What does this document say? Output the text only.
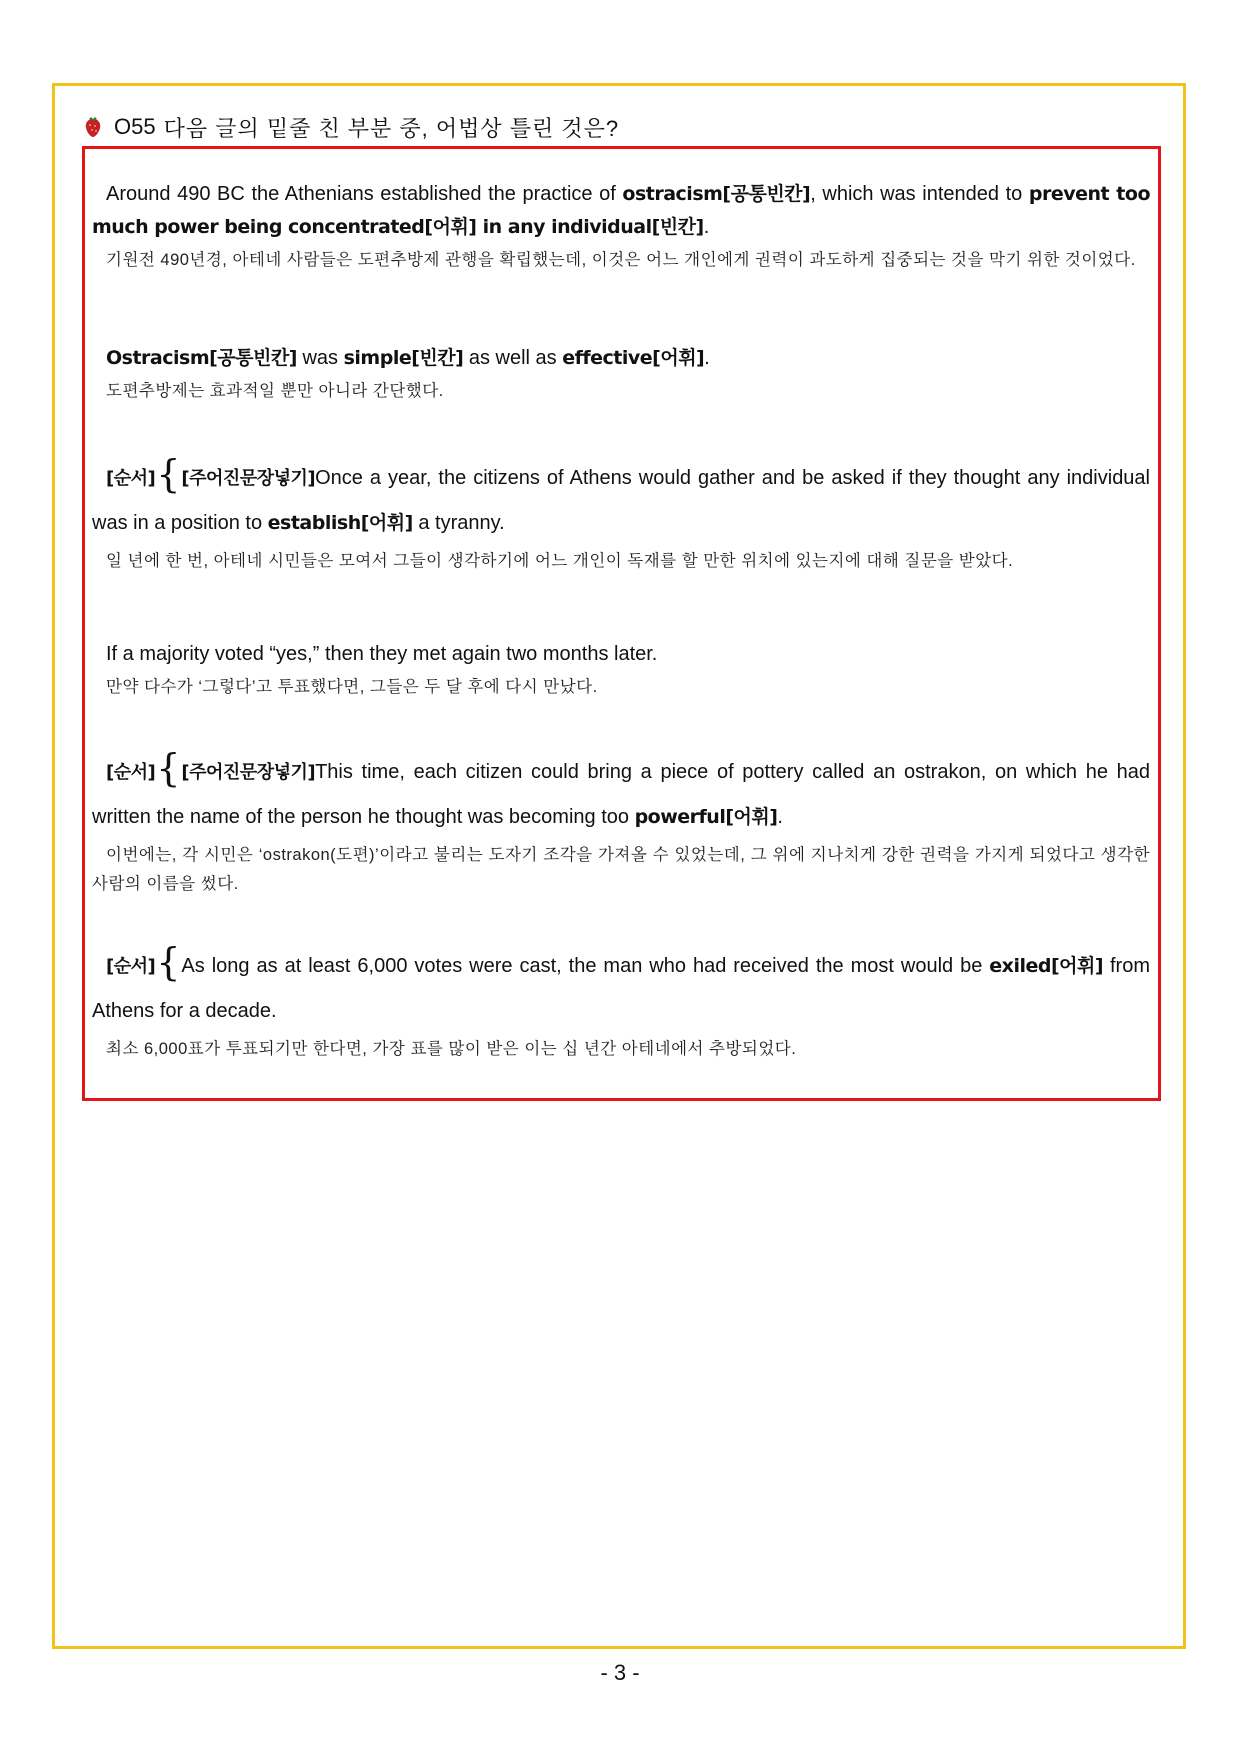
O55 다음 글의 밑줄 친 부분 중, 어법상 틀린 것은?
Around 490 BC the Athenians established the practice of ostracism[공통빈칸], which was intended to prevent too much power being concentrated[어휘] in any individual[빈칸].
기원전 490년경, 아테네 사람들은 도편추방제 관행을 확립했는데, 이것은 어느 개인에게 권력이 과도하게 집중되는 것을 막기 위한 것이었다.
Ostracism[공통빈칸] was simple[빈칸] as well as effective[어휘].
도편추방제는 효과적일 뿐만 아니라 간단했다.
[순서]{[주어진문장넣기]Once a year, the citizens of Athens would gather and be asked if they thought any individual was in a position to establish[어휘] a tyranny.
일 년에 한 번, 아테네 시민들은 모여서 그들이 생각하기에 어느 개인이 독재를 할 만한 위치에 있는지에 대해 질문을 받았다.
If a majority voted “yes,” then they met again two months later.
만약 다수가 ‘그렇다’고 투표했다면, 그들은 두 달 후에 다시 만났다.
[순서]{[주어진문장넣기]This time, each citizen could bring a piece of pottery called an ostrakon, on which he had written the name of the person he thought was becoming too powerful[어휘].
이번에는, 각 시민은 ‘ostrakon(도편)’이라고 불리는 도자기 조각을 가져올 수 있었는데, 그 위에 지나치게 강한 권력을 가지게 되었다고 생각한 사람의 이름을 썼다.
[순서]{As long as at least 6,000 votes were cast, the man who had received the most would be exiled[어휘] from Athens for a decade.
최소 6,000표가 투표되기만 한다면, 가장 표를 많이 받은 이는 십 년간 아테네에서 추방되었다.
- 3 -
